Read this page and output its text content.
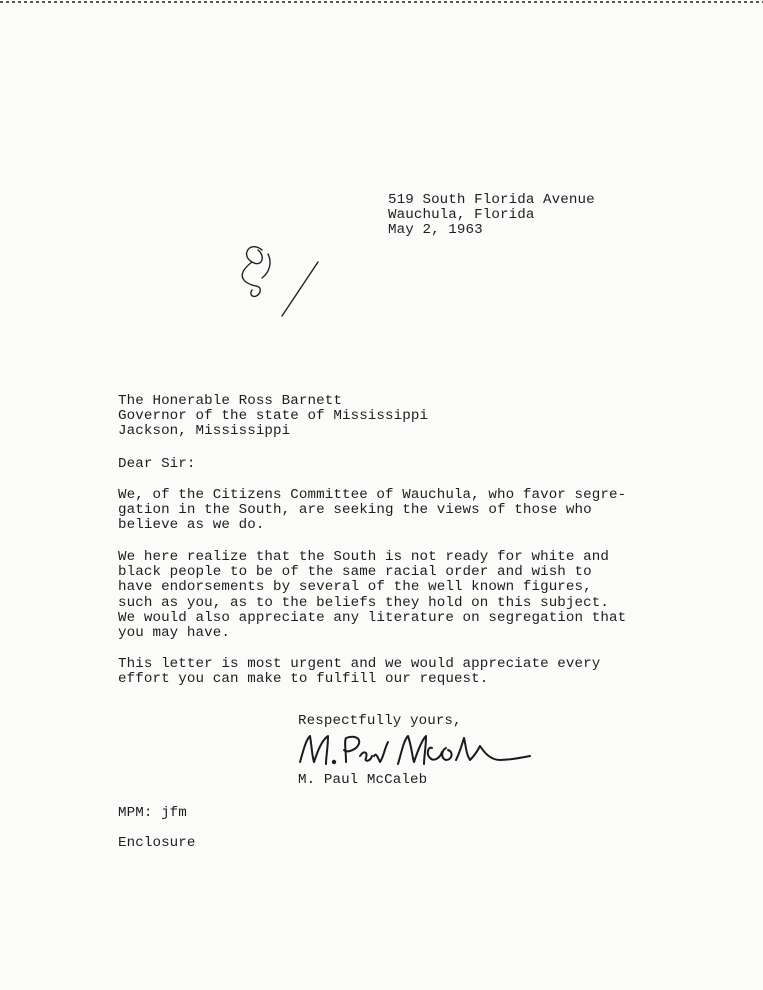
519 South Florida Avenue
Wauchula, Florida
May 2, 1963
The Honerable Ross Barnett
Governor of the state of Mississippi
Jackson, Mississippi
Dear Sir:
We, of the Citizens Committee of Wauchula, who favor segre-
gation in the South, are seeking the views of those who
believe as we do.
We here realize that the South is not ready for white and
black people to be of the same racial order and wish to
have endorsements by several of the well known figures,
such as you, as to the beliefs they hold on this subject.
We would also appreciate any literature on segregation that
you may have.
This letter is most urgent and we would appreciate every
effort you can make to fulfill our request.
Respectfully yours,
M. Paul McCaleb
MPM: jfm
Enclosure
